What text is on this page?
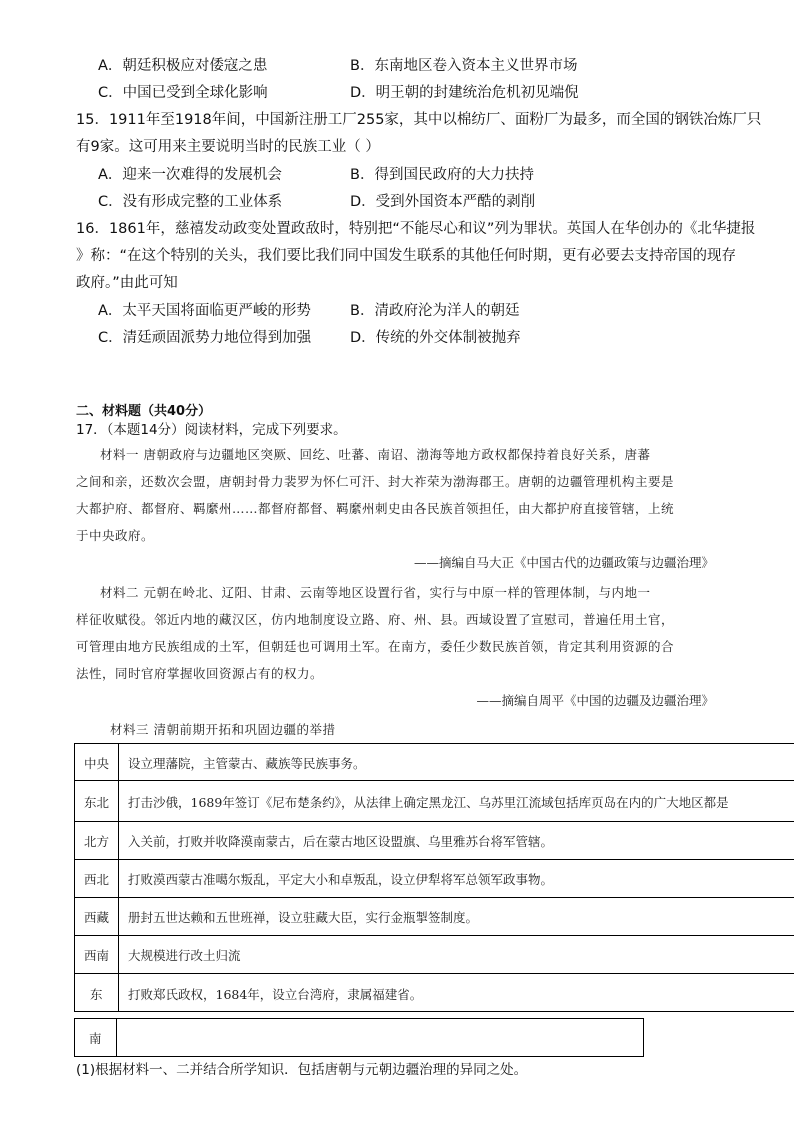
A．朝廷积极应对倭寇之患	B．东南地区卷入资本主义世界市场
C．中国已受到全球化影响	D．明王朝的封建统治危机初见端倪
15．1911年至1918年间，中国新注册工厂255家，其中以棉纺厂、面粉厂为最多，而全国的钢铁冶炼厂只
有9家。这可用来主要说明当时的民族工业（ ）
A．迎来一次难得的发展机会	B．得到国民政府的大力扶持
C．没有形成完整的工业体系	D．受到外国资本严酷的剥削
16．1861年，慈禧发动政变处置政敌时，特别把“不能尽心和议”列为罪状。英国人在华创办的《北华捷报
》称：“在这个特别的关头，我们要比我们同中国发生联系的其他任何时期，更有必要去支持帝国的现存
政府。”由此可知
A．太平天国将面临更严峻的形势	B．清政府沦为洋人的朝廷
C．清廷顽固派势力地位得到加强	D．传统的外交体制被抛弃
二、材料题（共40分）
17．（本题14分）阅读材料，完成下列要求。
材料一 唐朝政府与边疆地区突厥、回纥、吐蕃、南诏、渤海等地方政权都保持着良好关系，唐蕃
之间和亲，还数次会盟，唐朝封骨力裴罗为怀仁可汗、封大祚荣为渤海郡王。唐朝的边疆管理机构主要是
大都护府、都督府、羁縻州……都督府都督、羁縻州刺史由各民族首领担任，由大都护府直接管辖，上统
于中央政府。
——摘编自马大正《中国古代的边疆政策与边疆治理》
材料二 元朝在岭北、辽阳、甘肃、云南等地区设置行省，实行与中原一样的管理体制，与内地一
样征收赋役。邻近内地的藏汉区，仿内地制度设立路、府、州、县。西域设置了宣慰司，普遍任用土官，
可管理由地方民族组成的土军，但朝廷也可调用土军。在南方，委任少数民族首领，肯定其利用资源的合
法性，同时官府掌握收回资源占有的权力。
——摘编自周平《中国的边疆及边疆治理》
材料三 清朝前期开拓和巩固边疆的举措
中央 设立理藩院，主管蒙古、藏族等民族事务。
东北 打击沙俄，1689年签订《尼布楚条约》，从法律上确定黑龙江、乌苏里江流域包括库页岛在内的广大地区都是
北方 入关前，打败并收降漠南蒙古，后在蒙古地区设盟旗、乌里雅苏台将军管辖。
西北 打败漠西蒙古准噶尔叛乱，平定大小和卓叛乱，设立伊犁将军总领军政事物。
西藏 册封五世达赖和五世班禅，设立驻藏大臣，实行金瓶掣签制度。
西南 大规模进行改土归流
东 打败郑氏政权，1684年，设立台湾府，隶属福建省。
南
(1)根据材料一、二并结合所学知识．包括唐朝与元朝边疆治理的异同之处。
